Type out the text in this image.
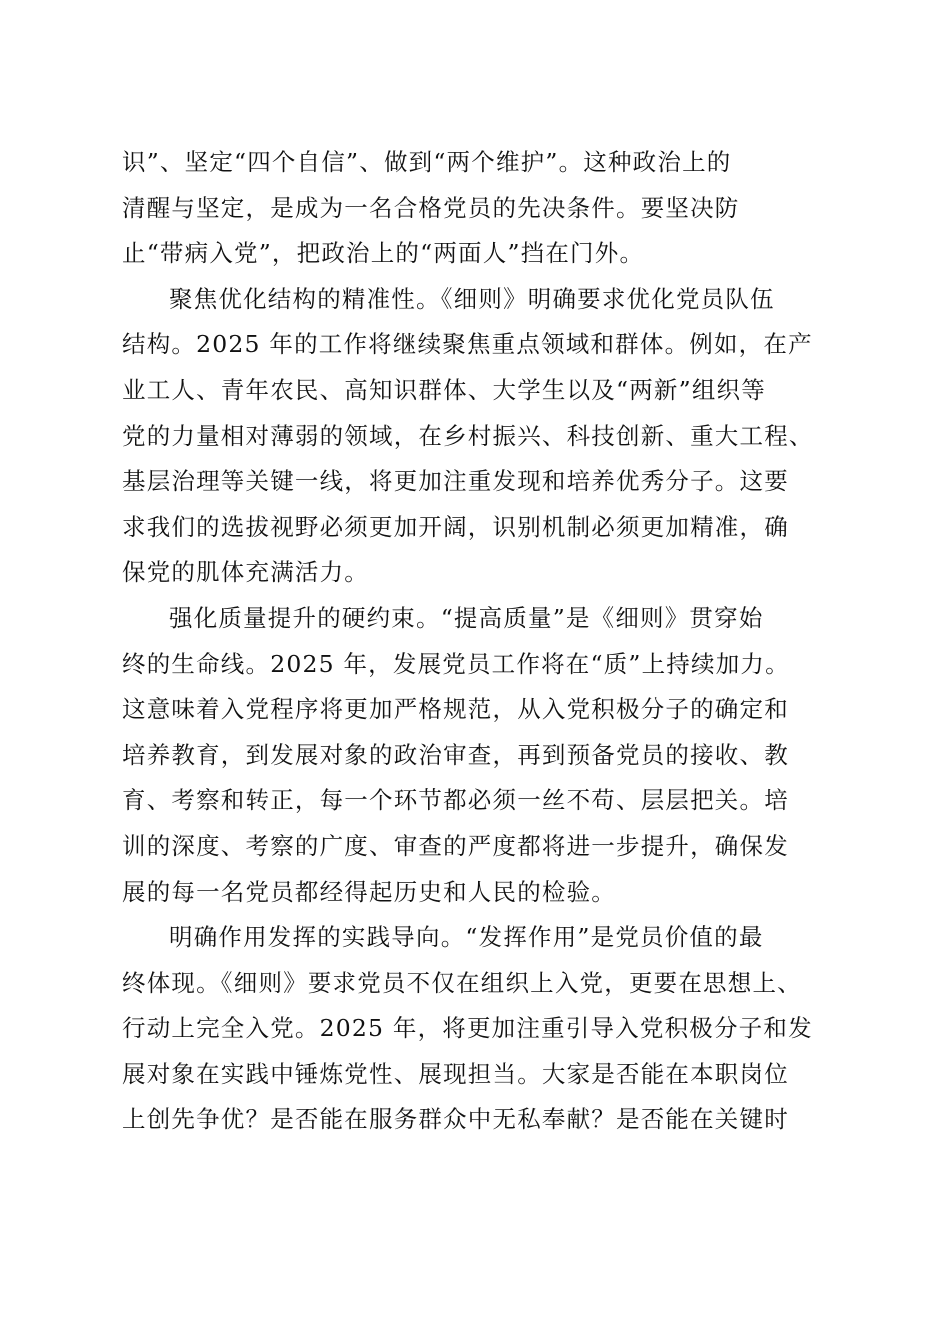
识”、坚定“四个自信”、做到“两个维护”。这种政治上的
清醒与坚定，是成为一名合格党员的先决条件。要坚决防
止“带病入党”，把政治上的“两面人”挡在门外。
聚焦优化结构的精准性。《细则》明确要求优化党员队伍
结构。2025 年的工作将继续聚焦重点领域和群体。例如，在产
业工人、青年农民、高知识群体、大学生以及“两新”组织等
党的力量相对薄弱的领域，在乡村振兴、科技创新、重大工程、
基层治理等关键一线，将更加注重发现和培养优秀分子。这要
求我们的选拔视野必须更加开阔，识别机制必须更加精准，确
保党的肌体充满活力。
强化质量提升的硬约束。“提高质量”是《细则》贯穿始
终的生命线。2025 年，发展党员工作将在“质”上持续加力。
这意味着入党程序将更加严格规范，从入党积极分子的确定和
培养教育，到发展对象的政治审查，再到预备党员的接收、教
育、考察和转正，每一个环节都必须一丝不苟、层层把关。培
训的深度、考察的广度、审查的严度都将进一步提升，确保发
展的每一名党员都经得起历史和人民的检验。
明确作用发挥的实践导向。“发挥作用”是党员价值的最
终体现。《细则》要求党员不仅在组织上入党，更要在思想上、
行动上完全入党。2025 年，将更加注重引导入党积极分子和发
展对象在实践中锤炼党性、展现担当。大家是否能在本职岗位
上创先争优？是否能在服务群众中无私奉献？是否能在关键时
